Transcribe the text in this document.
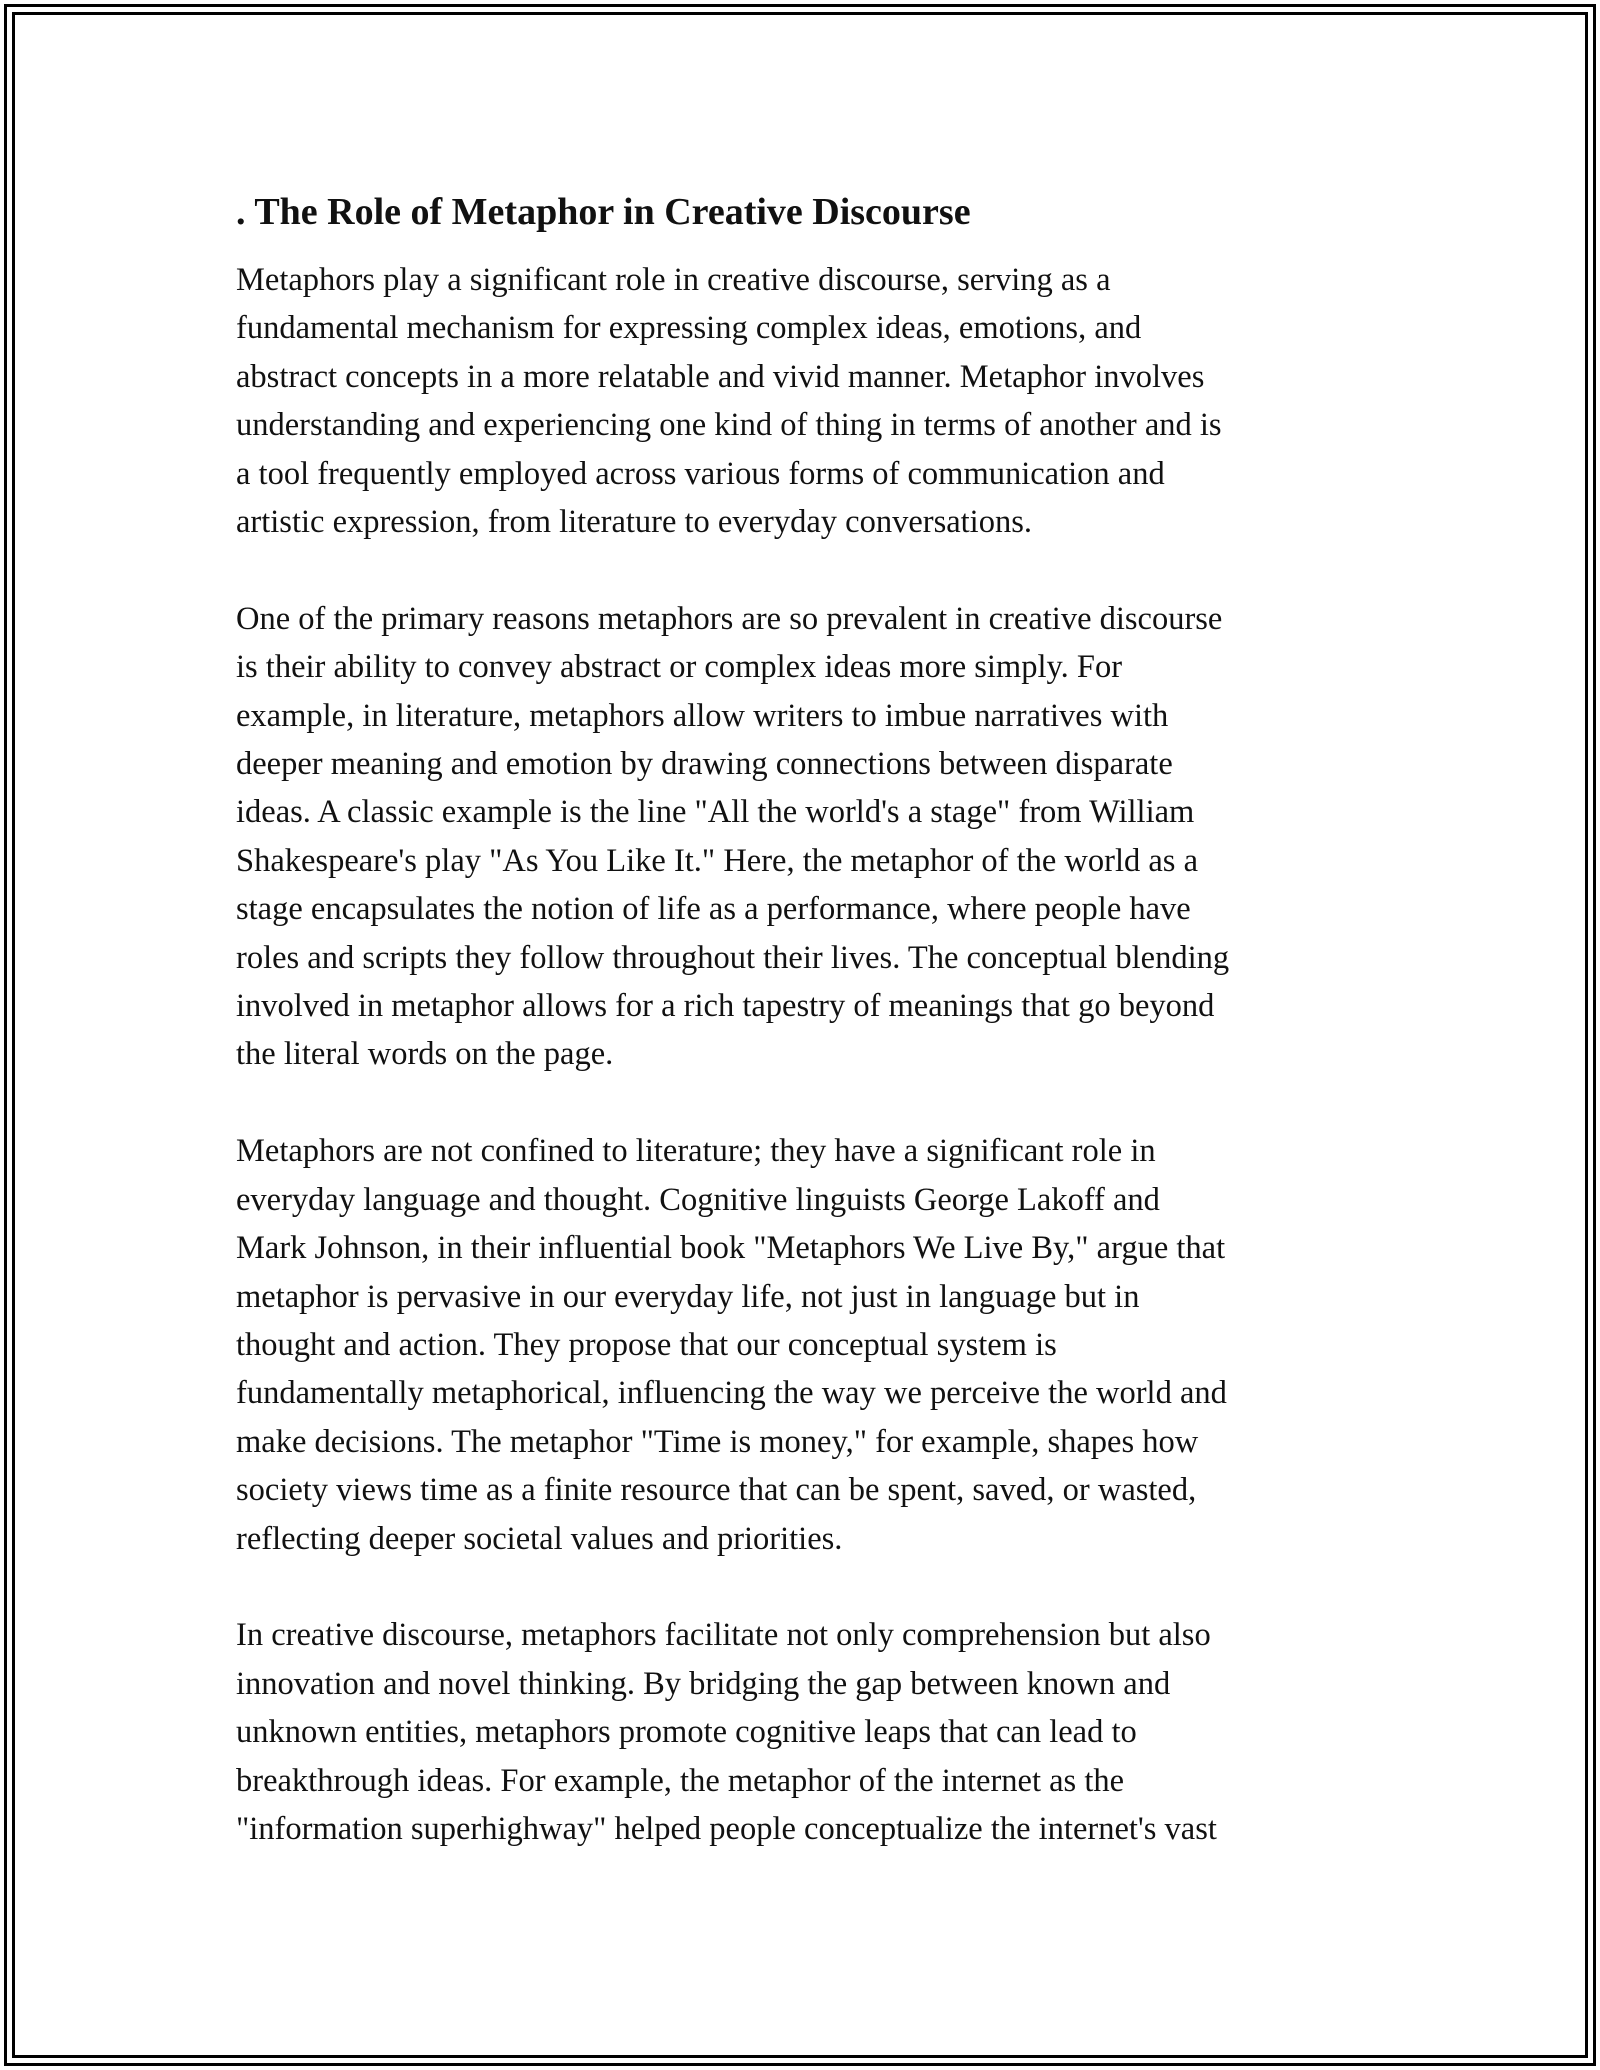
. The Role of Metaphor in Creative Discourse

Metaphors play a significant role in creative discourse, serving as a
fundamental mechanism for expressing complex ideas, emotions, and
abstract concepts in a more relatable and vivid manner. Metaphor involves
understanding and experiencing one kind of thing in terms of another and is
a tool frequently employed across various forms of communication and
artistic expression, from literature to everyday conversations.

One of the primary reasons metaphors are so prevalent in creative discourse
is their ability to convey abstract or complex ideas more simply. For
example, in literature, metaphors allow writers to imbue narratives with
deeper meaning and emotion by drawing connections between disparate
ideas. A classic example is the line "All the world's a stage" from William
Shakespeare's play "As You Like It." Here, the metaphor of the world as a
stage encapsulates the notion of life as a performance, where people have
roles and scripts they follow throughout their lives. The conceptual blending
involved in metaphor allows for a rich tapestry of meanings that go beyond
the literal words on the page.

Metaphors are not confined to literature; they have a significant role in
everyday language and thought. Cognitive linguists George Lakoff and
Mark Johnson, in their influential book "Metaphors We Live By," argue that
metaphor is pervasive in our everyday life, not just in language but in
thought and action. They propose that our conceptual system is
fundamentally metaphorical, influencing the way we perceive the world and
make decisions. The metaphor "Time is money," for example, shapes how
society views time as a finite resource that can be spent, saved, or wasted,
reflecting deeper societal values and priorities.

In creative discourse, metaphors facilitate not only comprehension but also
innovation and novel thinking. By bridging the gap between known and
unknown entities, metaphors promote cognitive leaps that can lead to
breakthrough ideas. For example, the metaphor of the internet as the
"information superhighway" helped people conceptualize the internet's vast
